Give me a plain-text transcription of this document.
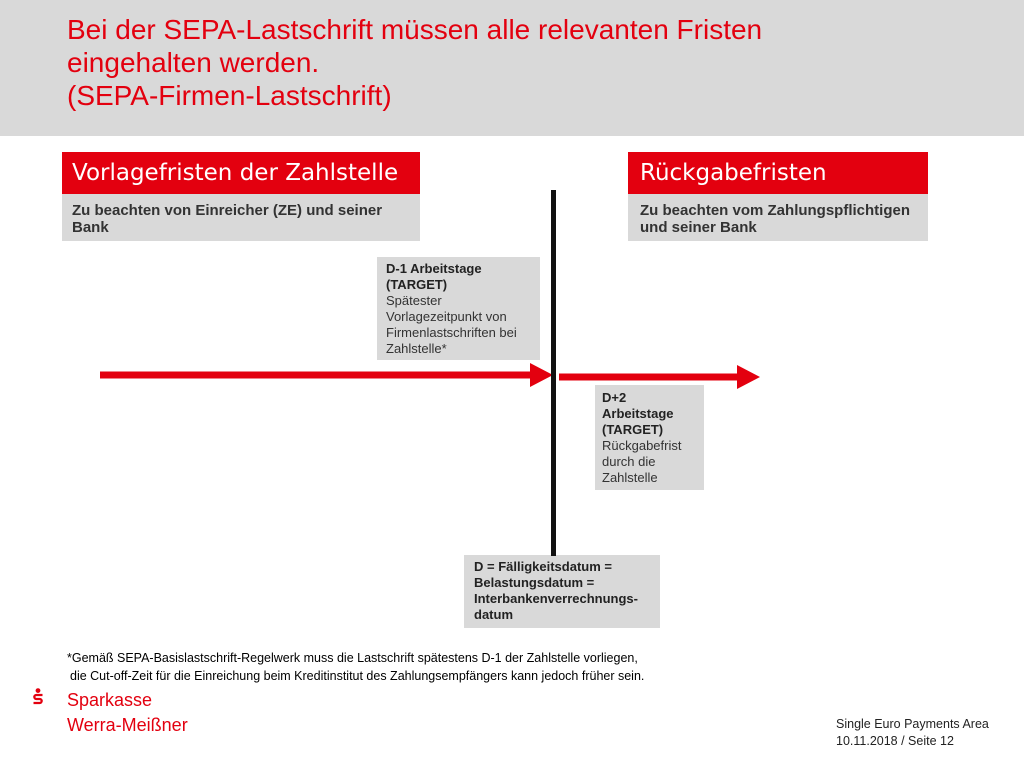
Bei der SEPA-Lastschrift müssen alle relevanten Fristen
eingehalten werden.
(SEPA-Firmen-Lastschrift)
Vorlagefristen der Zahlstelle
Zu beachten von Einreicher (ZE) und seiner
Bank
Rückgabefristen
Zu beachten vom Zahlungspflichtigen
und seiner Bank
D-1 Arbeitstage
(TARGET)
Spätester
Vorlagezeitpunkt von
Firmenlastschriften bei
Zahlstelle*
D+2
Arbeitstage
(TARGET)
Rückgabefrist
durch die
Zahlstelle
D = Fälligkeitsdatum =
Belastungsdatum =
Interbankenverrechnungs-
datum
*Gemäß SEPA-Basislastschrift-Regelwerk muss die Lastschrift spätestens D-1 der Zahlstelle vorliegen,
die Cut-off-Zeit für die Einreichung beim Kreditinstitut des Zahlungsempfängers kann jedoch früher sein.
Sparkasse
Werra-Meißner	Single Euro Payments Area
10.11.2018 / Seite 12
